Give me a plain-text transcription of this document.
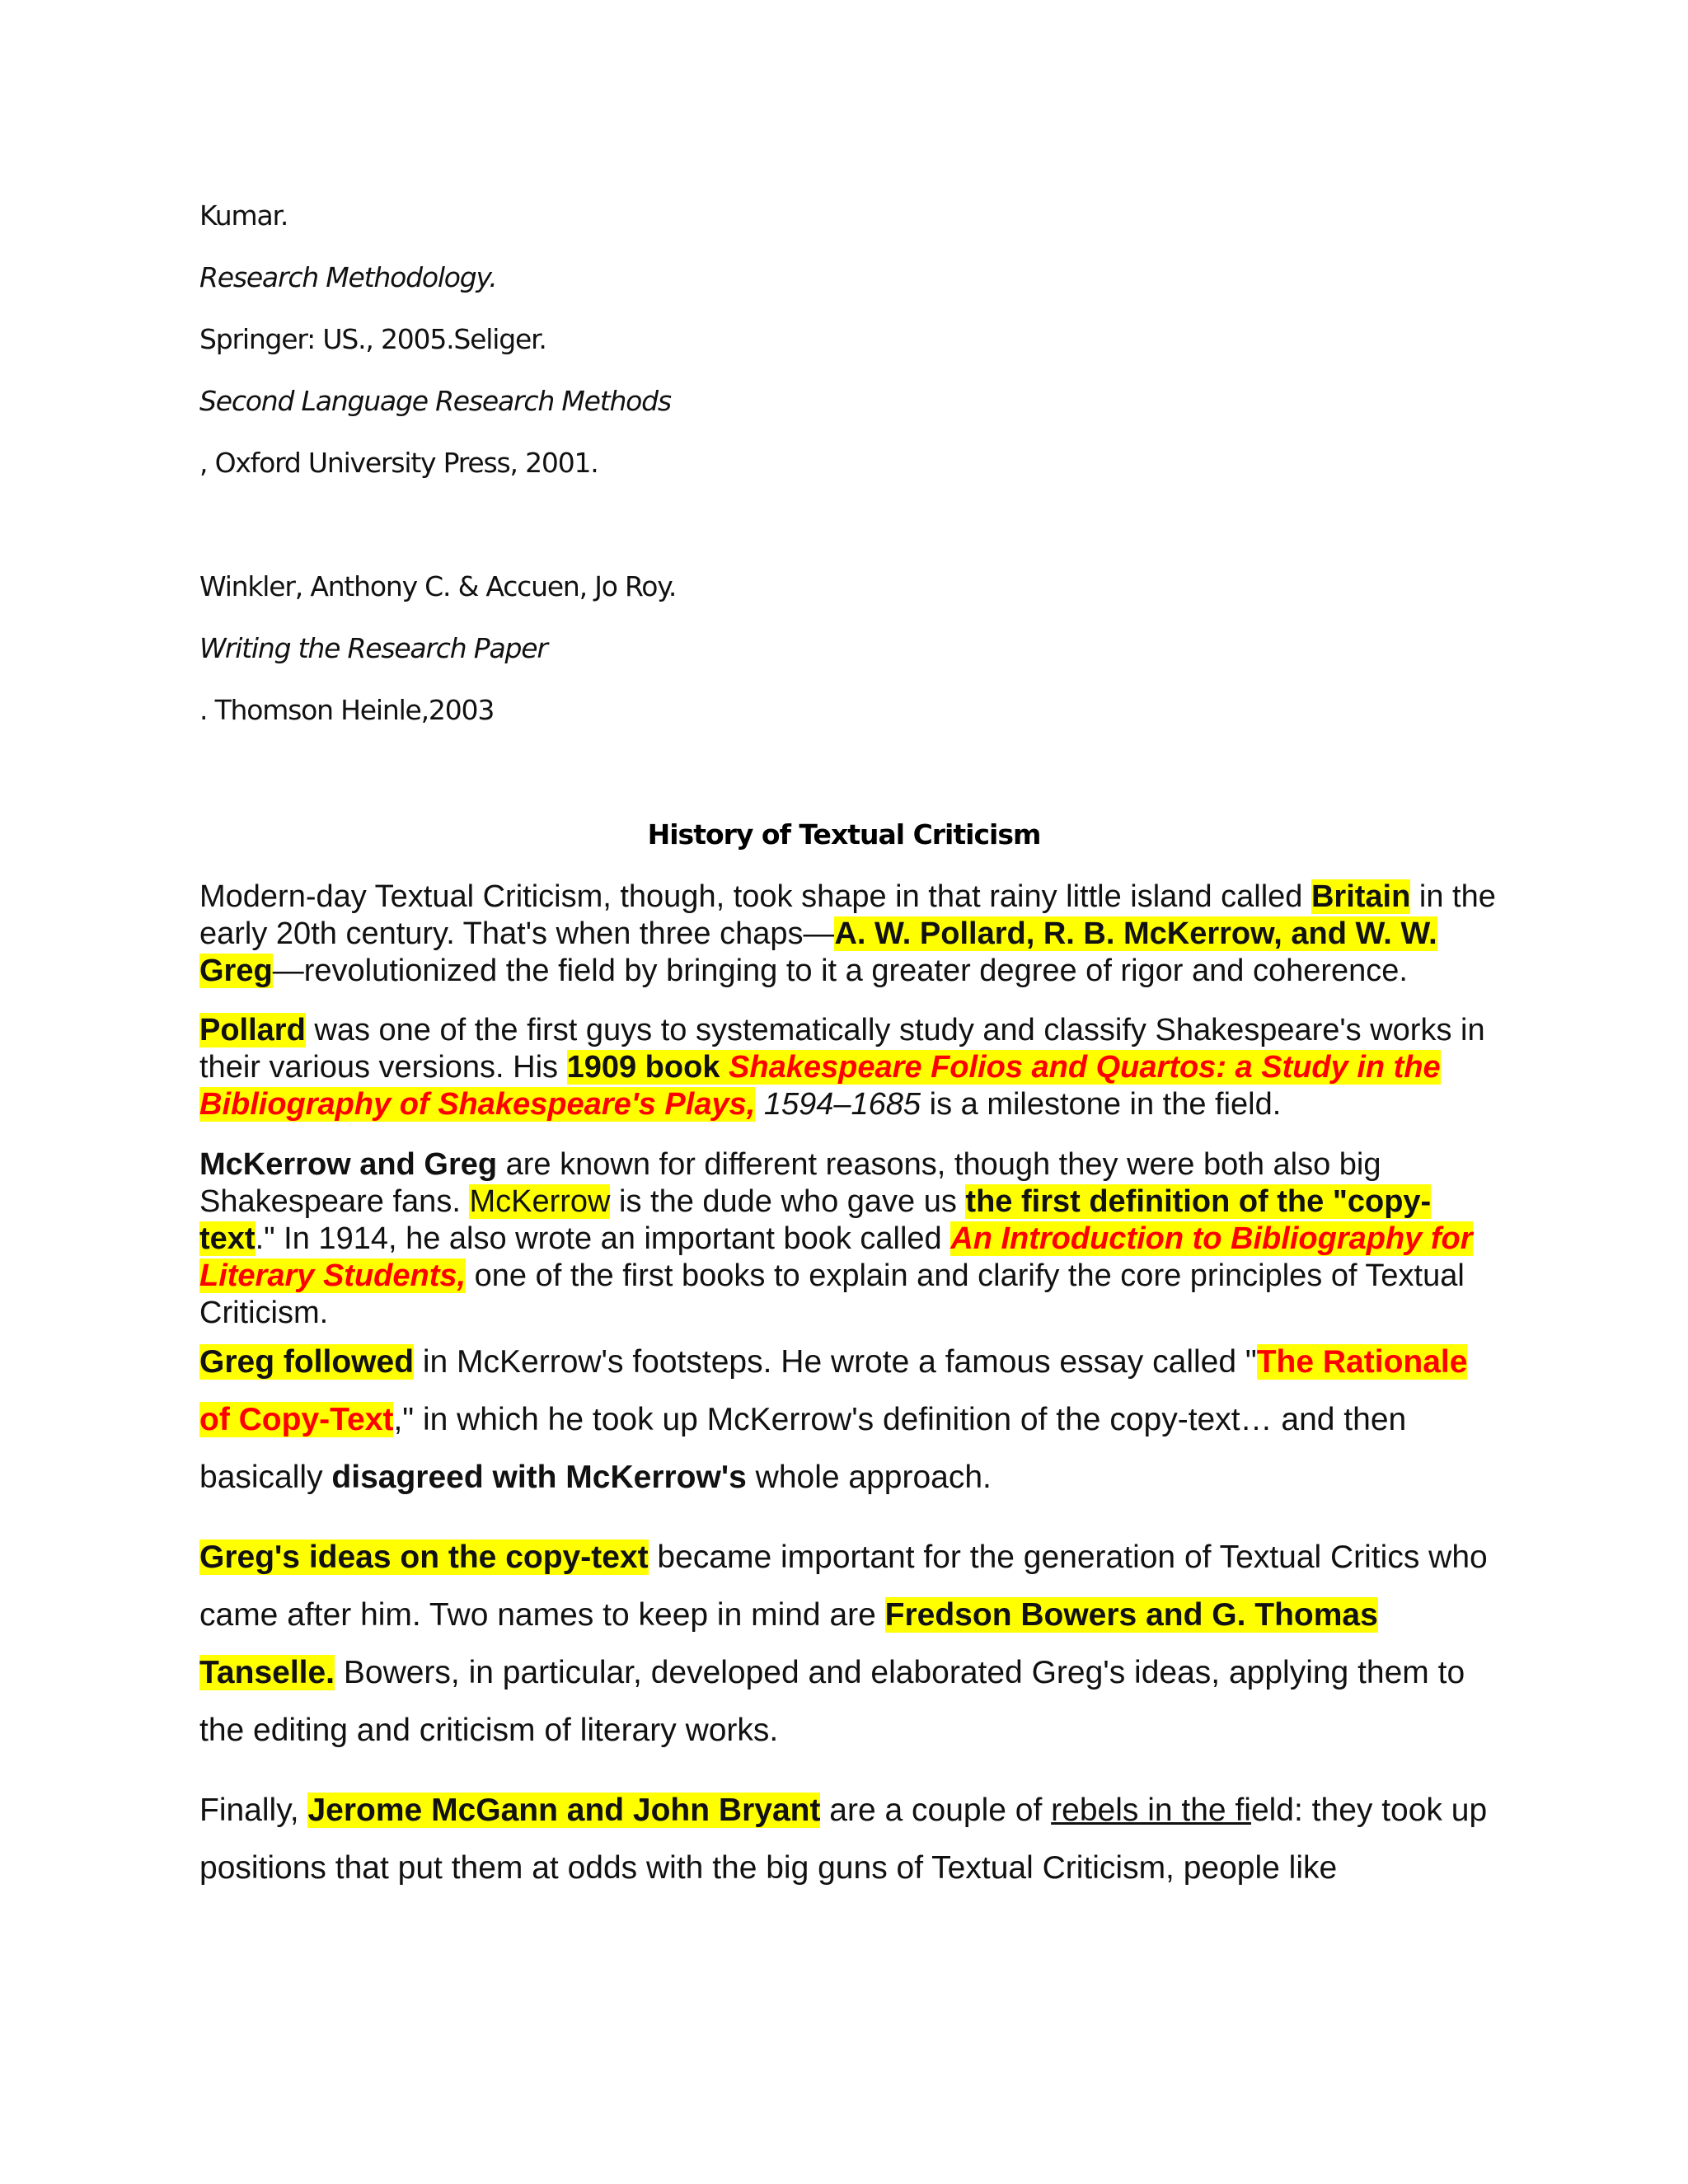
Kumar.

Research Methodology.

Springer: US., 2005.Seliger.

Second Language Research Methods

, Oxford University Press, 2001.

Winkler, Anthony C. & Accuen, Jo Roy.

Writing the Research Paper

. Thomson Heinle,2003

History of Textual Criticism

Modern-day Textual Criticism, though, took shape in that rainy little island called Britain in the early 20th century. That's when three chaps—A. W. Pollard, R. B. McKerrow, and W. W. Greg—revolutionized the field by bringing to it a greater degree of rigor and coherence.

Pollard was one of the first guys to systematically study and classify Shakespeare's works in their various versions. His 1909 book Shakespeare Folios and Quartos: a Study in the Bibliography of Shakespeare's Plays, 1594–1685 is a milestone in the field.

McKerrow and Greg are known for different reasons, though they were both also big Shakespeare fans. McKerrow is the dude who gave us the first definition of the "copy-text." In 1914, he also wrote an important book called An Introduction to Bibliography for Literary Students, one of the first books to explain and clarify the core principles of Textual Criticism.

Greg followed in McKerrow's footsteps. He wrote a famous essay called "The Rationale of Copy-Text," in which he took up McKerrow's definition of the copy-text… and then basically disagreed with McKerrow's whole approach.

Greg's ideas on the copy-text became important for the generation of Textual Critics who came after him. Two names to keep in mind are Fredson Bowers and G. Thomas Tanselle. Bowers, in particular, developed and elaborated Greg's ideas, applying them to the editing and criticism of literary works.

Finally, Jerome McGann and John Bryant are a couple of rebels in the field: they took up positions that put them at odds with the big guns of Textual Criticism, people like
